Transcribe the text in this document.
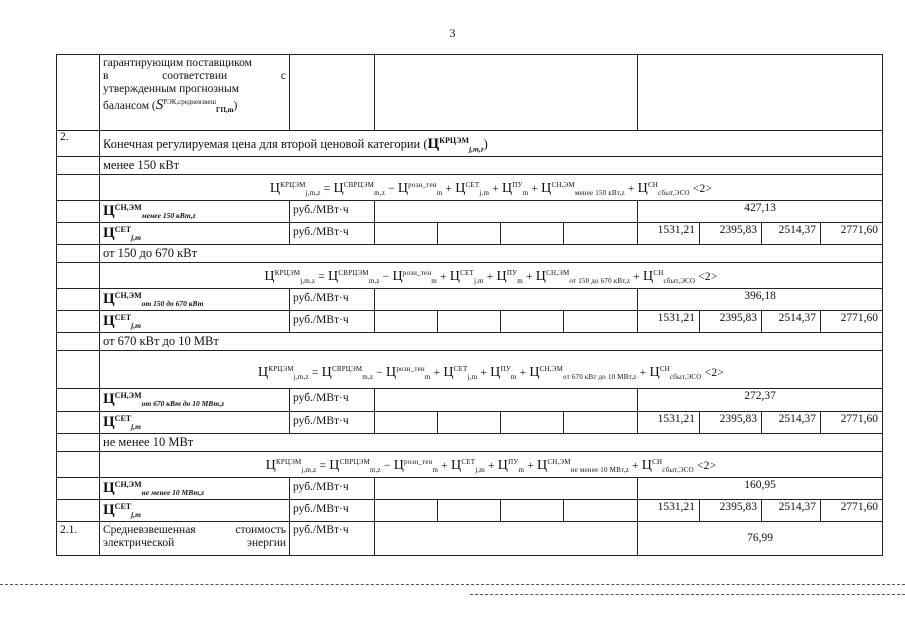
3

	гарантирующим поставщиком
в соответствии с
утвержденным прогнозным
балансом $(S^{РЭК,средневзвеш}_{ГП,m})$									

2.	Конечная регулируемая цена для второй ценовой категории $(Ц^{КРЦЭМ}_{j,m,z})$									
	менее 150 кВт									
	$Ц^{КРЦЭМ}_{j,m,z} = Ц^{СВРЦЭМ}_{m,z} - Ц^{розн\_тен}_m + Ц^{СЕТ}_{j,m} + Ц^{ПУ}_m + Ц^{СН,ЭМ}_{менее 150 кВт,z} + Ц^{СН}_{сбыт,ЭСО} <2>$									
	$Ц^{СН,ЭМ}_{менее 150 кВт,z}$	руб./МВт·ч					427,13			
	$Ц^{СЕТ}_{j,m}$	руб./МВт·ч					1531,21	2395,83	2514,37	2771,60
	от 150 до 670 кВт									
	$Ц^{КРЦЭМ}_{j,m,z} = Ц^{СВРЦЭМ}_{m,z} - Ц^{розн\_тен}_m + Ц^{СЕТ}_{j,m} + Ц^{ПУ}_m + Ц^{СН,ЭМ}_{от 150 до 670 кВт,z} + Ц^{СН}_{сбыт,ЭСО} <2>$									
	$Ц^{СН,ЭМ}_{от 150 до 670 кВт}$	руб./МВт·ч					396,18			
	$Ц^{СЕТ}_{j,m}$	руб./МВт·ч					1531,21	2395,83	2514,37	2771,60
	от 670 кВт до 10 МВт									
	$Ц^{КРЦЭМ}_{j,m,z} = Ц^{СВРЦЭМ}_{m,z} - Ц^{розн\_тен}_m + Ц^{СЕТ}_{j,m} + Ц^{ПУ}_m + Ц^{СН,ЭМ}_{от 670 кВт до 10 МВт,z} + Ц^{СН}_{сбыт,ЭСО} <2>$									
	$Ц^{СН,ЭМ}_{от 670 кВт до 10 МВт,z}$	руб./МВт·ч					272,37			
	$Ц^{СЕТ}_{j,m}$	руб./МВт·ч					1531,21	2395,83	2514,37	2771,60
	не менее 10 МВт									
	$Ц^{КРЦЭМ}_{j,m,z} = Ц^{СВРЦЭМ}_{m,z} - Ц^{розн\_тен}_m + Ц^{СЕТ}_{j,m} + Ц^{ПУ}_m + Ц^{СН,ЭМ}_{не менее 10 МВт,z} + Ц^{СН}_{сбыт,ЭСО} <2>$									
	$Ц^{СН,ЭМ}_{не менее 10 МВт,z}$	руб./МВт·ч					160,95			
	$Ц^{СЕТ}_{j,m}$	руб./МВт·ч					1531,21	2395,83	2514,37	2771,60
2.1.	Средневзвешенная стоимость
электрической энергии	руб./МВт·ч					76,99			
